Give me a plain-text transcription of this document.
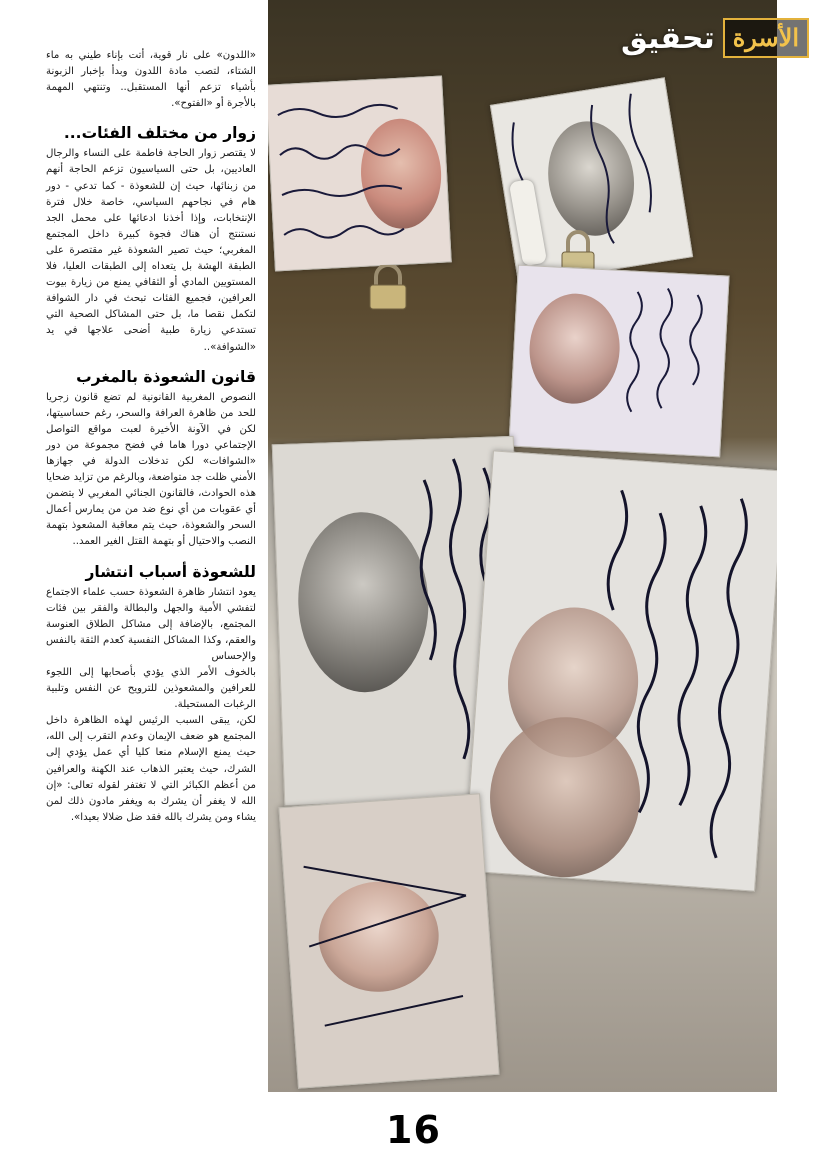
الأسرة
تحقيق

«اللدون» على نار قوية، أتت بإناء طيني به ماء الشتاء، لتصب مادة اللدون وبدأ بإخبار الزبونة بأشياء تزعم أنها المستقبل.. وتنتهي المهمة بالأجرة أو «الفتوح».

زوار من مختلف الفئات...

لا يقتصر زوار الحاجة فاطمة على النساء والرجال العاديين، بل حتى السياسيون تزعم الحاجة أنهم من زبنائها، حيث إن للشعوذة - كما تدعي - دور هام في نجاحهم السياسي، خاصة خلال فترة الإنتخابات، وإذا أخذنا ادعائها على محمل الجد نستنتج أن هناك فجوة كبيرة داخل المجتمع المغربي؛ حيث تصير الشعوذة غير مقتصرة على الطبقة الهشة بل يتعداه إلى الطبقات العليا، فلا المستويين المادي أو الثقافي يمنع من زيارة بيوت العرافين، فجميع الفئات تبحث في دار الشوافة لتكمل نقصا ما، بل حتى المشاكل الصحية التي تستدعي زيارة طبية أضحى علاجها في يد «الشوافة»..

قانون الشعوذة بالمغرب

النصوص المغربية القانونية لم تضع قانون زجريا للحد من ظاهرة العرافة والسحر، رغم حساسيتها، لكن في الآونة الأخيرة لعبت مواقع التواصل الإجتماعي دورا هاما في فضح مجموعة من دور «الشوافات» لكن تدخلات الدولة في جهازها الأمني ظلت جد متواضعة، وبالرغم من تزايد ضحايا هذه الحوادث، فالقانون الجنائي المغربي لا يتضمن أي عقوبات من أي نوع ضد من من يمارس أعمال السحر والشعوذة، حيث يتم معاقبة المشعوذ بتهمة النصب والاحتيال أو بتهمة القتل الغير العمد..

للشعوذة أسباب انتشار

يعود انتشار ظاهرة الشعوذة حسب علماء الاجتماع لتفشي الأمية والجهل والبطالة والفقر بين فئات المجتمع، بالإضافة إلى مشاكل الطلاق العنوسة والعقم، وكذا المشاكل النفسية كعدم الثقة بالنفس والإحساس

بالخوف الأمر الذي يؤدي بأصحابها إلى اللجوء للعرافين والمشعوذين للترويح عن النفس وتلبية الرغبات المستحيلة.

لكن، يبقى السبب الرئيس لهذه الظاهرة داخل المجتمع هو ضعف الإيمان وعدم التقرب إلى الله، حيث يمنع الإسلام منعا كليا أي عمل يؤدي إلى الشرك، حيث يعتبر الذهاب عند الكهنة والعرافين من أعظم الكبائر التي لا تغتفر لقوله تعالى: «إن الله لا يغفر أن يشرك به ويغفر مادون ذلك لمن يشاء ومن يشرك بالله فقد ضل ضلالا بعيدا».

16
